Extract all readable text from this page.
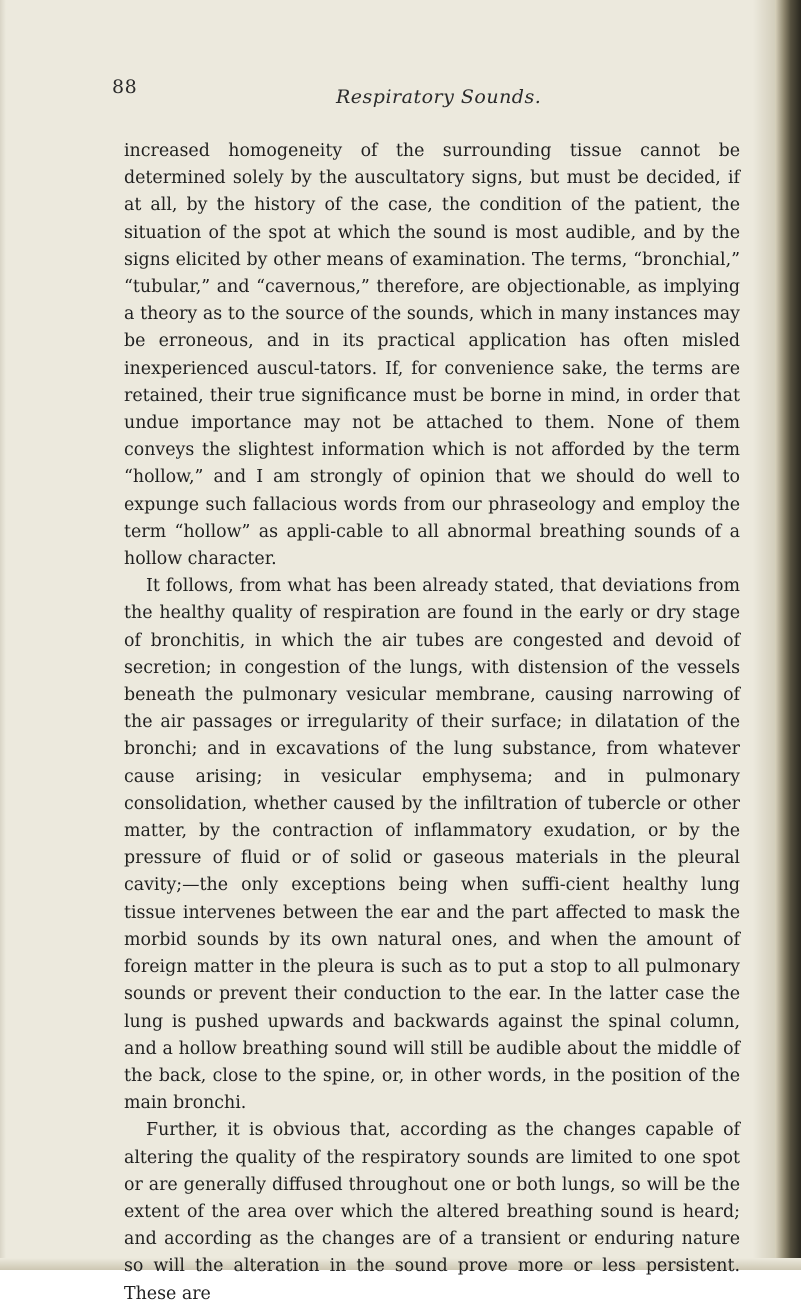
88	Respiratory Sounds.

increased homogeneity of the surrounding tissue cannot be determined solely by the auscultatory signs, but must be decided, if at all, by the history of the case, the condition of the patient, the situation of the spot at which the sound is most audible, and by the signs elicited by other means of examination. The terms, “bronchial,” “tubular,” and “cavernous,” therefore, are objectionable, as implying a theory as to the source of the sounds, which in many instances may be erroneous, and in its practical application has often misled inexperienced auscul-tators. If, for convenience sake, the terms are retained, their true significance must be borne in mind, in order that undue importance may not be attached to them. None of them conveys the slightest information which is not afforded by the term “hollow,” and I am strongly of opinion that we should do well to expunge such fallacious words from our phraseology and employ the term “hollow” as appli-cable to all abnormal breathing sounds of a hollow character.

It follows, from what has been already stated, that deviations from the healthy quality of respiration are found in the early or dry stage of bronchitis, in which the air tubes are congested and devoid of secretion; in congestion of the lungs, with distension of the vessels beneath the pulmonary vesicular membrane, causing narrowing of the air passages or irregularity of their surface; in dilatation of the bronchi; and in excavations of the lung substance, from whatever cause arising; in vesicular emphysema; and in pulmonary consolidation, whether caused by the infiltration of tubercle or other matter, by the contraction of inflammatory exudation, or by the pressure of fluid or of solid or gaseous materials in the pleural cavity;—the only exceptions being when suffi-cient healthy lung tissue intervenes between the ear and the part affected to mask the morbid sounds by its own natural ones, and when the amount of foreign matter in the pleura is such as to put a stop to all pulmonary sounds or prevent their conduction to the ear. In the latter case the lung is pushed upwards and backwards against the spinal column, and a hollow breathing sound will still be audible about the middle of the back, close to the spine, or, in other words, in the position of the main bronchi.

Further, it is obvious that, according as the changes capable of altering the quality of the respiratory sounds are limited to one spot or are generally diffused throughout one or both lungs, so will be the extent of the area over which the altered breathing sound is heard; and according as the changes are of a transient or enduring nature so will the alteration in the sound prove more or less persistent. These are
